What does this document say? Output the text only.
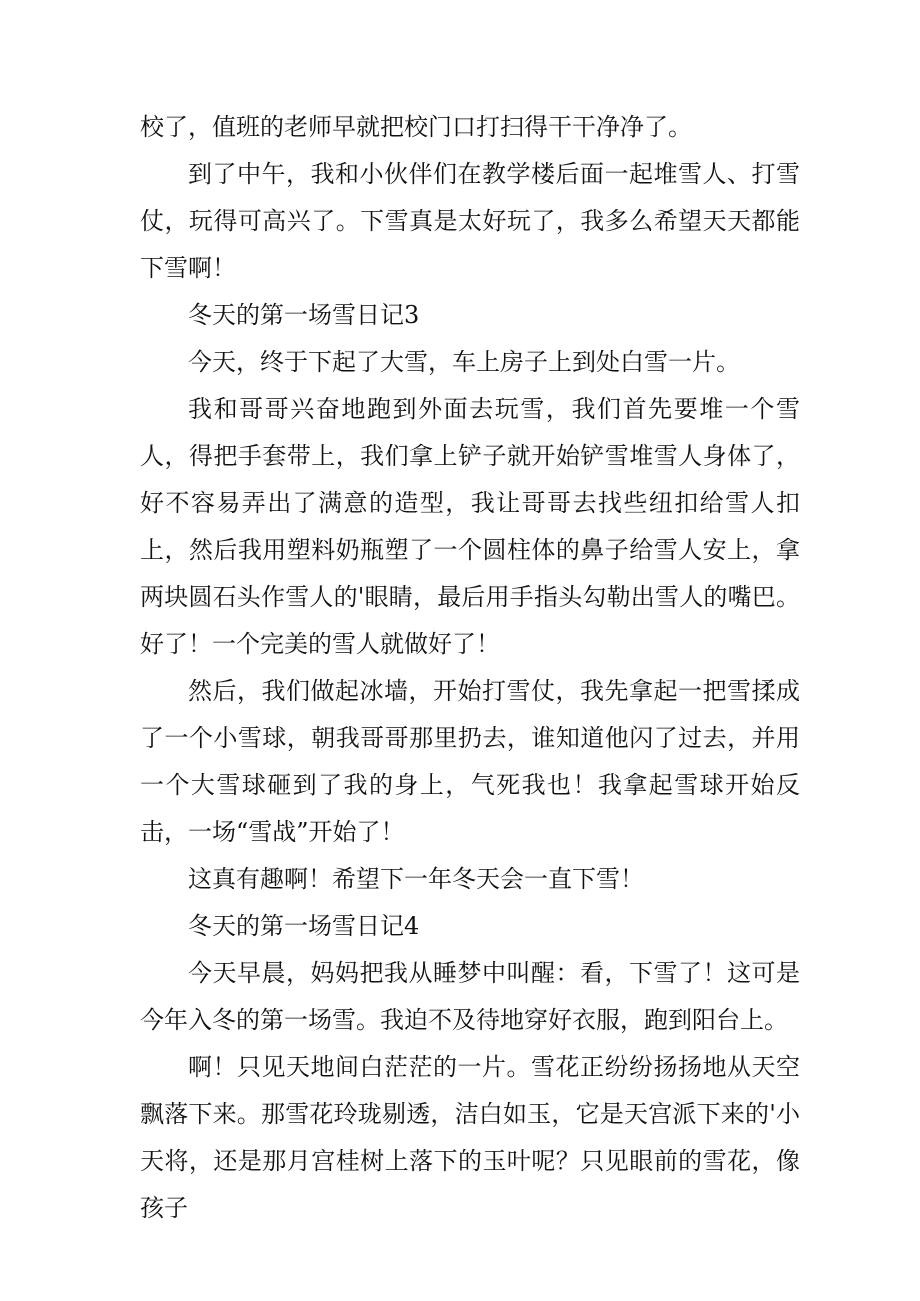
校了，值班的老师早就把校门口打扫得干干净净了。

到了中午，我和小伙伴们在教学楼后面一起堆雪人、打雪仗，玩得可高兴了。下雪真是太好玩了，我多么希望天天都能下雪啊！

冬天的第一场雪日记3

今天，终于下起了大雪，车上房子上到处白雪一片。

我和哥哥兴奋地跑到外面去玩雪，我们首先要堆一个雪人，得把手套带上，我们拿上铲子就开始铲雪堆雪人身体了，好不容易弄出了满意的造型，我让哥哥去找些纽扣给雪人扣上，然后我用塑料奶瓶塑了一个圆柱体的鼻子给雪人安上，拿两块圆石头作雪人的'眼睛，最后用手指头勾勒出雪人的嘴巴。好了！一个完美的雪人就做好了！

然后，我们做起冰墙，开始打雪仗，我先拿起一把雪揉成了一个小雪球，朝我哥哥那里扔去，谁知道他闪了过去，并用一个大雪球砸到了我的身上，气死我也！我拿起雪球开始反击，一场“雪战”开始了！

这真有趣啊！希望下一年冬天会一直下雪！

冬天的第一场雪日记4

今天早晨，妈妈把我从睡梦中叫醒：看，下雪了！这可是今年入冬的第一场雪。我迫不及待地穿好衣服，跑到阳台上。

啊！只见天地间白茫茫的一片。雪花正纷纷扬扬地从天空飘落下来。那雪花玲珑剔透，洁白如玉，它是天宫派下来的'小天将，还是那月宫桂树上落下的玉叶呢？只见眼前的雪花，像孩子
